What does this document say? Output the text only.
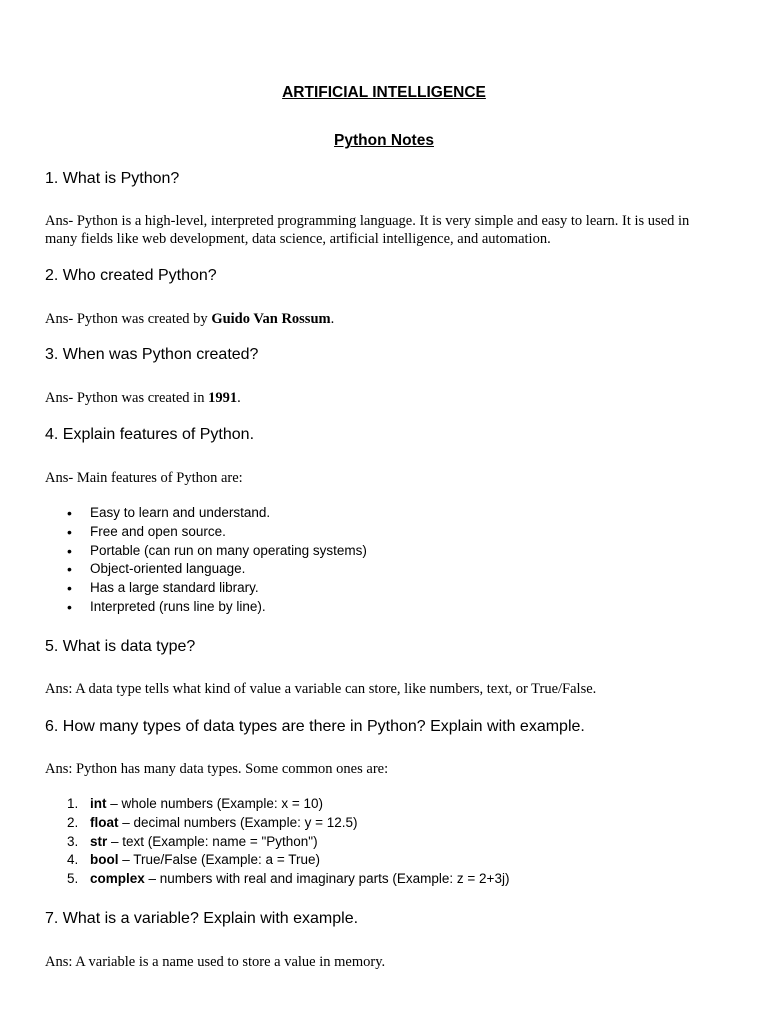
ARTIFICIAL INTELLIGENCE
Python Notes
1. What is Python?
Ans- Python is a high-level, interpreted programming language. It is very simple and easy to learn. It is used in many fields like web development, data science, artificial intelligence, and automation.
2. Who created Python?
Ans- Python was created by Guido Van Rossum.
3. When was Python created?
Ans- Python was created in 1991.
4. Explain features of Python.
Ans- Main features of Python are:
• Easy to learn and understand.
• Free and open source.
• Portable (can run on many operating systems)
• Object-oriented language.
• Has a large standard library.
• Interpreted (runs line by line).
5. What is data type?
Ans: A data type tells what kind of value a variable can store, like numbers, text, or True/False.
6. How many types of data types are there in Python? Explain with example.
Ans: Python has many data types. Some common ones are:
1. int – whole numbers (Example: x = 10)
2. float – decimal numbers (Example: y = 12.5)
3. str – text (Example: name = "Python")
4. bool – True/False (Example: a = True)
5. complex – numbers with real and imaginary parts (Example: z = 2+3j)
7. What is a variable? Explain with example.
Ans: A variable is a name used to store a value in memory.
